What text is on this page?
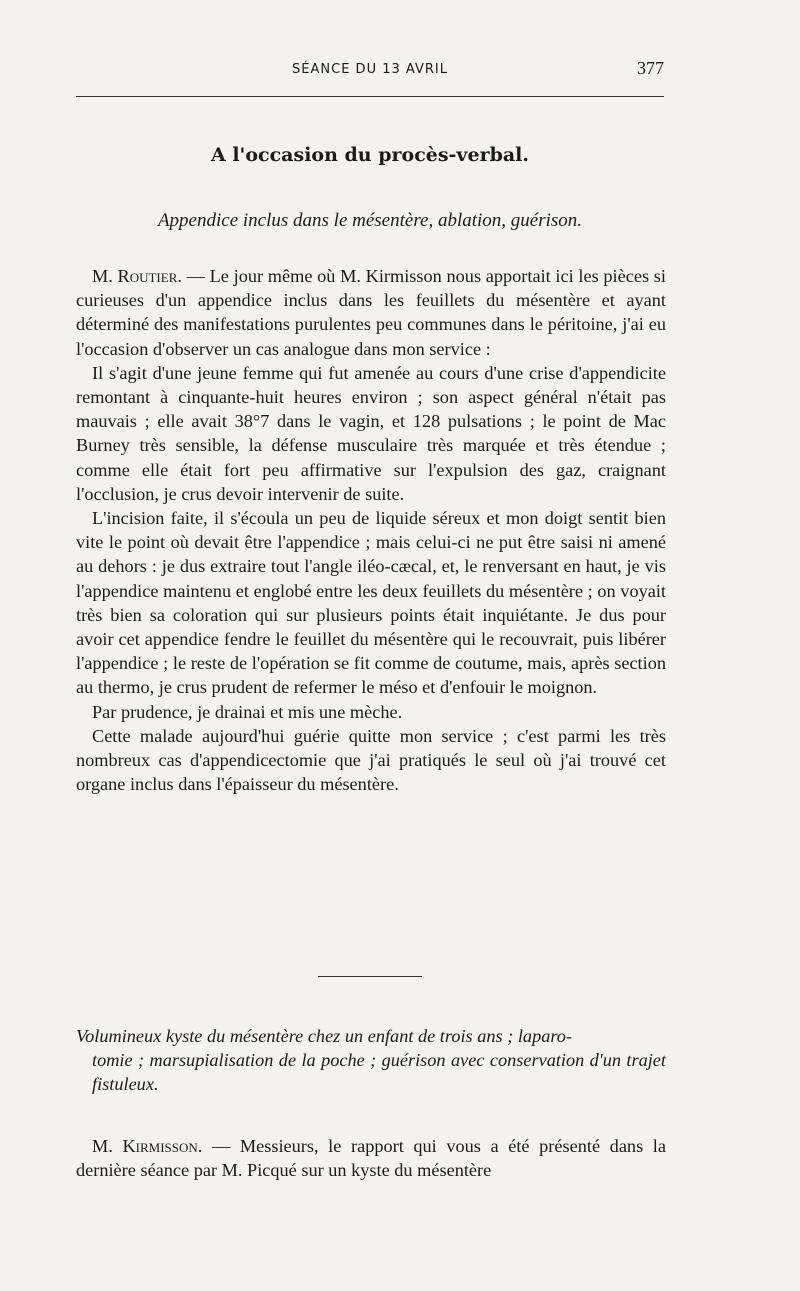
SÉANCE DU 13 AVRIL	377
A l'occasion du procès-verbal.
Appendice inclus dans le mésentère, ablation, guérison.

M. Routier. — Le jour même où M. Kirmisson nous apportait ici les pièces si curieuses d'un appendice inclus dans les feuillets du mésentère et ayant déterminé des manifestations purulentes peu communes dans le péritoine, j'ai eu l'occasion d'observer un cas analogue dans mon service :

Il s'agit d'une jeune femme qui fut amenée au cours d'une crise d'appendicite remontant à cinquante-huit heures environ ; son aspect général n'était pas mauvais ; elle avait 38°7 dans le vagin, et 128 pulsations ; le point de Mac Burney très sensible, la défense musculaire très marquée et très étendue ; comme elle était fort peu affirmative sur l'expulsion des gaz, craignant l'occlusion, je crus devoir intervenir de suite.

L'incision faite, il s'écoula un peu de liquide séreux et mon doigt sentit bien vite le point où devait être l'appendice ; mais celui-ci ne put être saisi ni amené au dehors : je dus extraire tout l'angle iléo-cæcal, et, le renversant en haut, je vis l'appendice maintenu et englobé entre les deux feuillets du mésentère ; on voyait très bien sa coloration qui sur plusieurs points était inquiétante. Je dus pour avoir cet appendice fendre le feuillet du mésentère qui le recouvrait, puis libérer l'appendice ; le reste de l'opération se fit comme de coutume, mais, après section au thermo, je crus prudent de refermer le méso et d'enfouir le moignon.

Par prudence, je drainai et mis une mèche.

Cette malade aujourd'hui guérie quitte mon service ; c'est parmi les très nombreux cas d'appendicectomie que j'ai pratiqués le seul où j'ai trouvé cet organe inclus dans l'épaisseur du mésentère.

Volumineux kyste du mésentère chez un enfant de trois ans ; laparo-
tomie ; marsupialisation de la poche ; guérison avec conservation d'un trajet fistuleux.

M. Kirmisson. — Messieurs, le rapport qui vous a été présenté dans la dernière séance par M. Picqué sur un kyste du mésentère
